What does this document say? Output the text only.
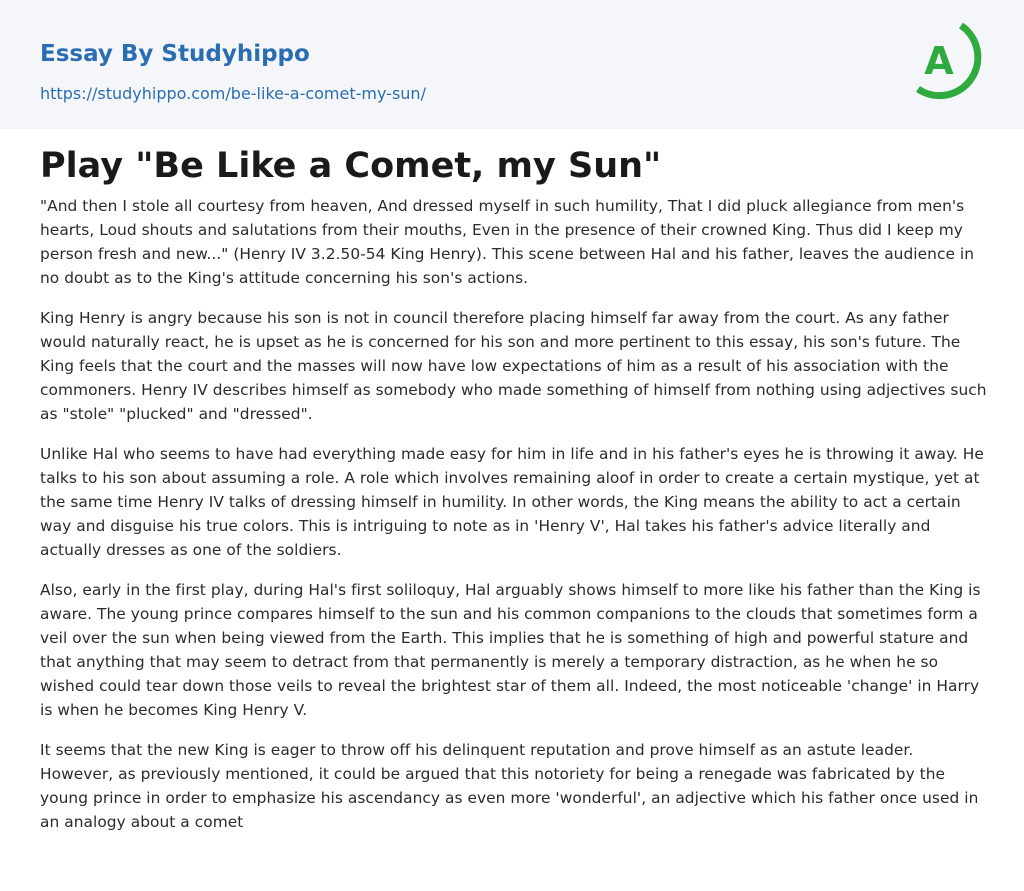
Essay By Studyhippo
https://studyhippo.com/be-like-a-comet-my-sun/
A
Play "Be Like a Comet, my Sun"

"And then I stole all courtesy from heaven, And dressed myself in such humility, That I did pluck allegiance from men's hearts, Loud shouts and salutations from their mouths, Even in the presence of their crowned King. Thus did I keep my person fresh and new..." (Henry IV 3.2.50-54 King Henry). This scene between Hal and his father, leaves the audience in no doubt as to the King's attitude concerning his son's actions.

King Henry is angry because his son is not in council therefore placing himself far away from the court. As any father would naturally react, he is upset as he is concerned for his son and more pertinent to this essay, his son's future. The King feels that the court and the masses will now have low expectations of him as a result of his association with the commoners. Henry IV describes himself as somebody who made something of himself from nothing using adjectives such as "stole" "plucked" and "dressed".

Unlike Hal who seems to have had everything made easy for him in life and in his father's eyes he is throwing it away. He talks to his son about assuming a role. A role which involves remaining aloof in order to create a certain mystique, yet at the same time Henry IV talks of dressing himself in humility. In other words, the King means the ability to act a certain way and disguise his true colors. This is intriguing to note as in 'Henry V', Hal takes his father's advice literally and actually dresses as one of the soldiers.

Also, early in the first play, during Hal's first soliloquy, Hal arguably shows himself to more like his father than the King is aware. The young prince compares himself to the sun and his common companions to the clouds that sometimes form a veil over the sun when being viewed from the Earth. This implies that he is something of high and powerful stature and that anything that may seem to detract from that permanently is merely a temporary distraction, as he when he so wished could tear down those veils to reveal the brightest star of them all. Indeed, the most noticeable 'change' in Harry is when he becomes King Henry V.

It seems that the new King is eager to throw off his delinquent reputation and prove himself as an astute leader. However, as previously mentioned, it could be argued that this notoriety for being a renegade was fabricated by the young prince in order to emphasize his ascendancy as even more 'wonderful', an adjective which his father once used in an analogy about a comet
